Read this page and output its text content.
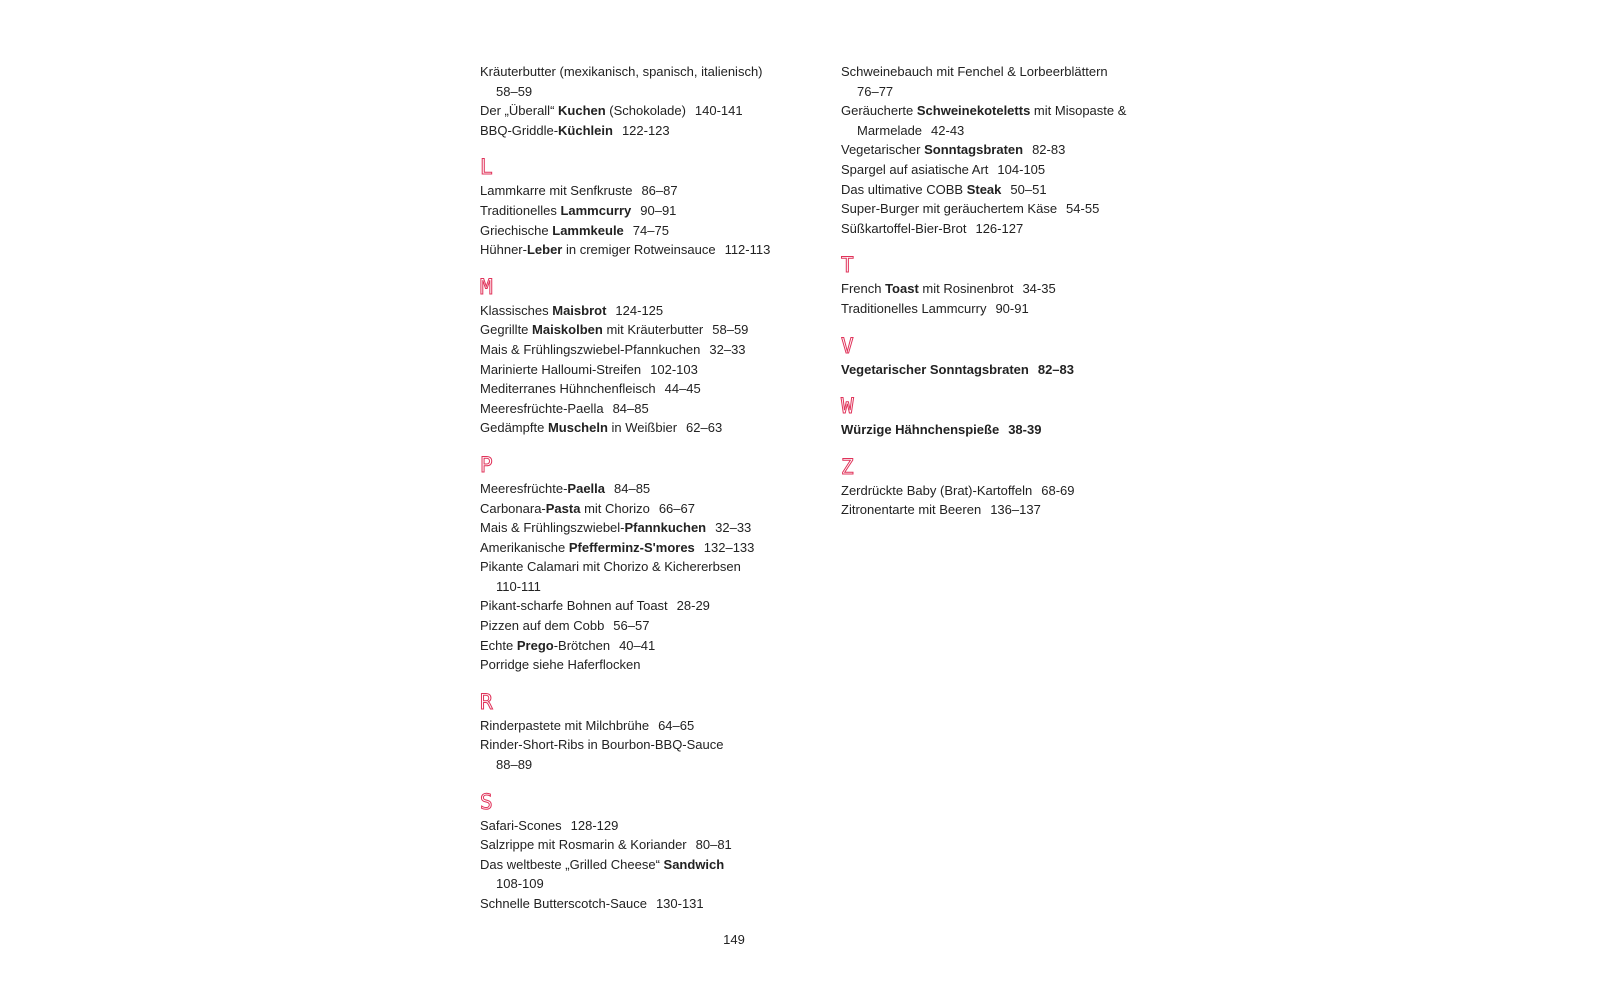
Kräuterbutter (mexikanisch, spanisch, italienisch)
58–59

Der „Überall“ Kuchen (Schokolade) 140-141

BBQ-Griddle-Küchlein 122-123

L

Lammkarre mit Senfkruste 86–87

Traditionelles Lammcurry 90–91

Griechische Lammkeule 74–75

Hühner-Leber in cremiger Rotweinsauce 112-113

M

Klassisches Maisbrot 124-125

Gegrillte Maiskolben mit Kräuterbutter 58–59

Mais & Frühlingszwiebel-Pfannkuchen 32–33

Marinierte Halloumi-Streifen 102-103

Mediterranes Hühnchenfleisch 44–45

Meeresfrüchte-Paella 84–85

Gedämpfte Muscheln in Weißbier 62–63

P

Meeresfrüchte-Paella 84–85

Carbonara-Pasta mit Chorizo 66–67

Mais & Frühlingszwiebel-Pfannkuchen 32–33

Amerikanische Pfefferminz-S'mores 132–133

Pikante Calamari mit Chorizo & Kichererbsen
110-111

Pikant-scharfe Bohnen auf Toast 28-29

Pizzen auf dem Cobb 56–57

Echte Prego-Brötchen 40–41

Porridge siehe Haferflocken

R

Rinderpastete mit Milchbrühe 64–65

Rinder-Short-Ribs in Bourbon-BBQ-Sauce
88–89

S

Safari-Scones 128-129

Salzrippe mit Rosmarin & Koriander 80–81

Das weltbeste „Grilled Cheese“ Sandwich
108-109

Schnelle Butterscotch-Sauce 130-131

Schweinebauch mit Fenchel & Lorbeerblättern
76–77

Geräucherte Schweinekoteletts mit Misopaste &
Marmelade 42-43

Vegetarischer Sonntagsbraten 82-83

Spargel auf asiatische Art 104-105

Das ultimative COBB Steak 50–51

Super-Burger mit geräuchertem Käse 54-55

Süßkartoffel-Bier-Brot 126-127

T

French Toast mit Rosinenbrot 34-35

Traditionelles Lammcurry 90-91

V

Vegetarischer Sonntagsbraten 82–83

W

Würzige Hähnchenspieße 38-39

Z

Zerdrückte Baby (Brat)-Kartoffeln 68-69

Zitronentarte mit Beeren 136–137

149
